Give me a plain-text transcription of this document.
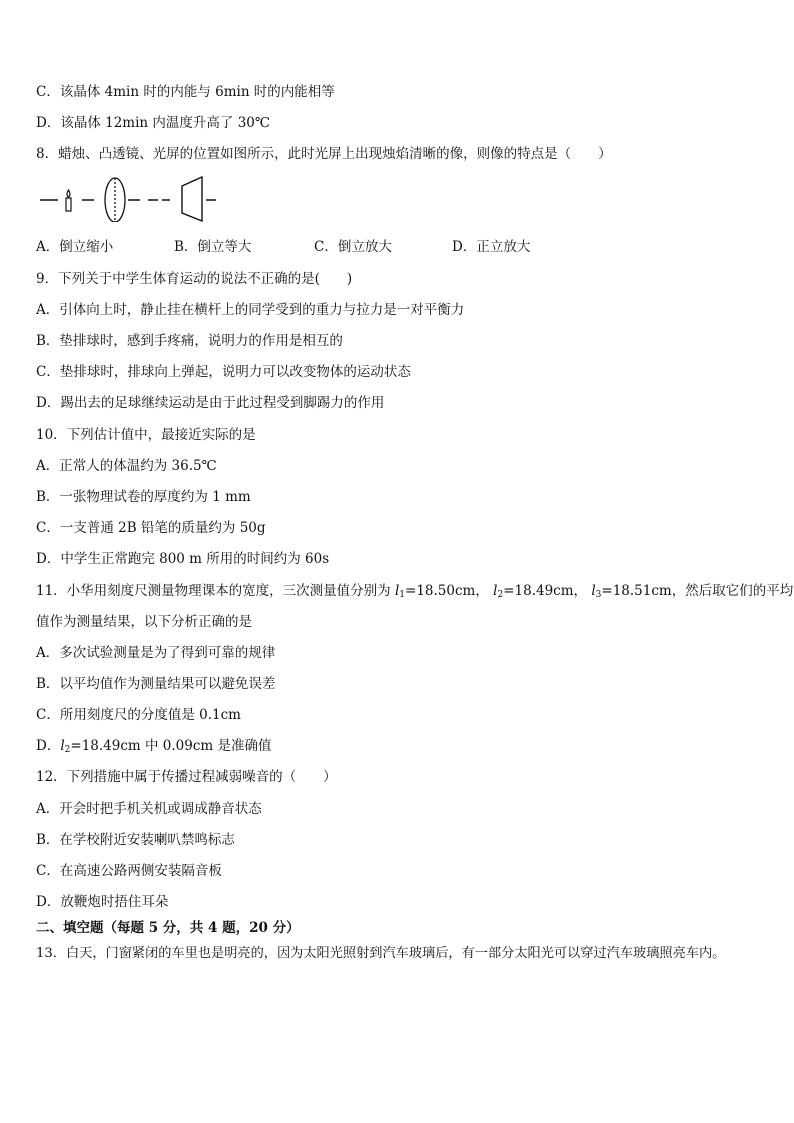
C．该晶体 4min 时的内能与 6min 时的内能相等
D．该晶体 12min 内温度升高了 30℃
8．蜡烛、凸透镜、光屏的位置如图所示，此时光屏上出现烛焰清晰的像，则像的特点是（　　）
A．倒立缩小	B．倒立等大	C．倒立放大	D．正立放大
9．下列关于中学生体育运动的说法不正确的是(　　)
A．引体向上时，静止挂在横杆上的同学受到的重力与拉力是一对平衡力
B．垫排球时，感到手疼痛，说明力的作用是相互的
C．垫排球时，排球向上弹起，说明力可以改变物体的运动状态
D．踢出去的足球继续运动是由于此过程受到脚踢力的作用
10．下列估计值中，最接近实际的是
A．正常人的体温约为 36.5℃
B．一张物理试卷的厚度约为 1 mm
C．一支普通 2B 铅笔的质量约为 50g
D．中学生正常跑完 800 m 所用的时间约为 60s
11．小华用刻度尺测量物理课本的宽度，三次测量值分别为 $l_1=18.50cm$， $l_2=18.49cm$， $l_3=18.51cm$，然后取它们的平均
值作为测量结果，以下分析正确的是
A．多次试验测量是为了得到可靠的规律
B．以平均值作为测量结果可以避免误差
C．所用刻度尺的分度值是 0.1cm
D．$l_2=18.49cm$ 中 0.09cm 是准确值
12．下列措施中属于传播过程减弱噪音的（　　）
A．开会时把手机关机或调成静音状态
B．在学校附近安装喇叭禁鸣标志
C．在高速公路两侧安装隔音板
D．放鞭炮时捂住耳朵
二、填空题（每题 5 分，共 4 题，20 分）
13．白天，门窗紧闭的车里也是明亮的，因为太阳光照射到汽车玻璃后，有一部分太阳光可以穿过汽车玻璃照亮车内。
